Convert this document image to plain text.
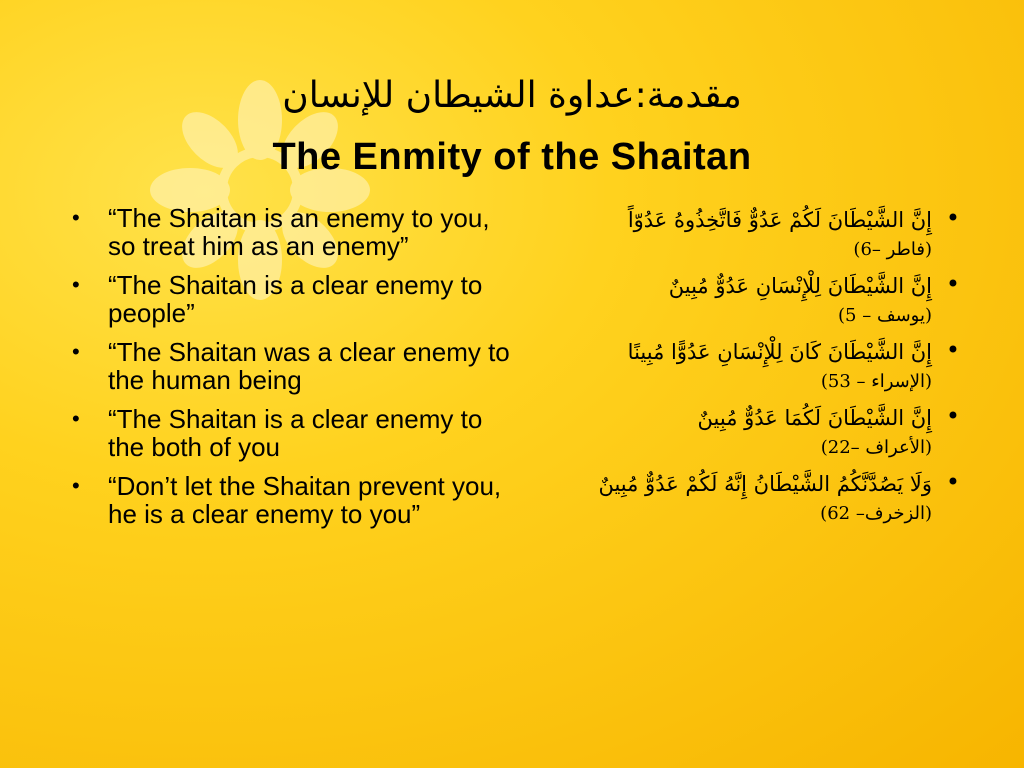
مقدمة:عداوة الشيطان للإنسان
The Enmity of the Shaitan
• “The Shaitan is an enemy to you, so treat him as an enemy”
• “The Shaitan is a clear enemy to people”
• “The Shaitan was a clear enemy to the human being
• “The Shaitan is a clear enemy to the both of you
• “Don’t let the Shaitan prevent you, he is a clear enemy to you”
• إِنَّ الشَّيْطَانَ لَكُمْ عَدُوٌّ فَاتَّخِذُوهُ عَدُوّاً
(فاطر –6)
• إِنَّ الشَّيْطَانَ لِلْإِنْسَانِ عَدُوٌّ مُبِينٌ
(يوسف – 5)
• إِنَّ الشَّيْطَانَ كَانَ لِلْإِنْسَانِ عَدُوًّا مُبِينًا
(الإسراء – 53)
• إِنَّ الشَّيْطَانَ لَكُمَا عَدُوٌّ مُبِينٌ
(الأعراف –22)
• وَلَا يَصُدَّنَّكُمُ الشَّيْطَانُ إِنَّهُ لَكُمْ عَدُوٌّ مُبِينٌ
(الزخرف– 62)
